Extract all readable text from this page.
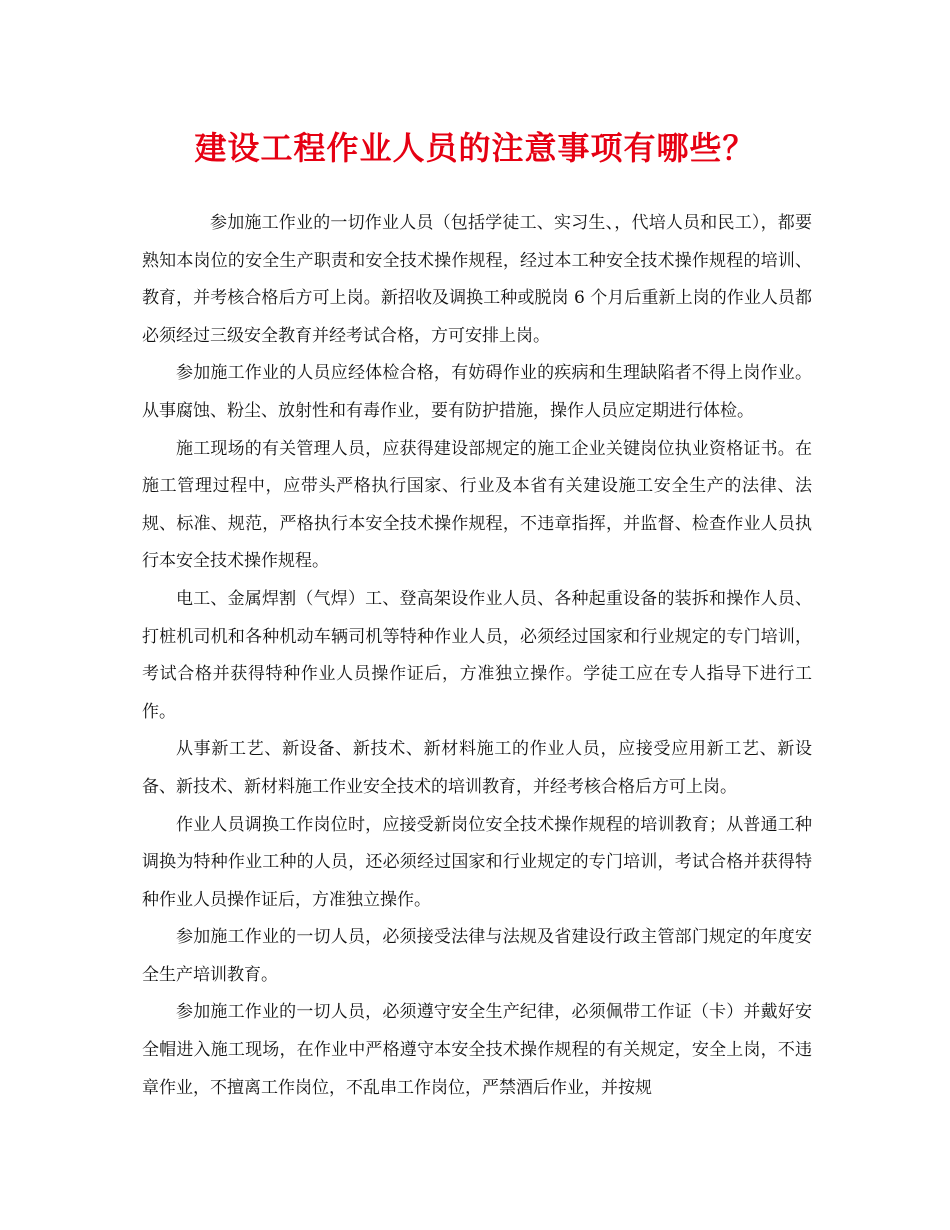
建设工程作业人员的注意事项有哪些？

参加施工作业的一切作业人员（包括学徒工、实习生、，代培人员和民工），都要熟知本岗位的安全生产职责和安全技术操作规程，经过本工种安全技术操作规程的培训、教育，并考核合格后方可上岗。新招收及调换工种或脱岗 6 个月后重新上岗的作业人员都必须经过三级安全教育并经考试合格，方可安排上岗。

参加施工作业的人员应经体检合格，有妨碍作业的疾病和生理缺陷者不得上岗作业。从事腐蚀、粉尘、放射性和有毒作业，要有防护措施，操作人员应定期进行体检。

施工现场的有关管理人员，应获得建设部规定的施工企业关键岗位执业资格证书。在施工管理过程中，应带头严格执行国家、行业及本省有关建设施工安全生产的法律、法规、标准、规范，严格执行本安全技术操作规程，不违章指挥，并监督、检查作业人员执行本安全技术操作规程。

电工、金属焊割（气焊）工、登高架设作业人员、各种起重设备的装拆和操作人员、打桩机司机和各种机动车辆司机等特种作业人员，必须经过国家和行业规定的专门培训，考试合格并获得特种作业人员操作证后，方准独立操作。学徒工应在专人指导下进行工作。

从事新工艺、新设备、新技术、新材料施工的作业人员，应接受应用新工艺、新设备、新技术、新材料施工作业安全技术的培训教育，并经考核合格后方可上岗。

作业人员调换工作岗位时，应接受新岗位安全技术操作规程的培训教育；从普通工种调换为特种作业工种的人员，还必须经过国家和行业规定的专门培训，考试合格并获得特种作业人员操作证后，方准独立操作。

参加施工作业的一切人员，必须接受法律与法规及省建设行政主管部门规定的年度安全生产培训教育。

参加施工作业的一切人员，必须遵守安全生产纪律，必须佩带工作证（卡）并戴好安全帽进入施工现场，在作业中严格遵守本安全技术操作规程的有关规定，安全上岗，不违章作业，不擅离工作岗位，不乱串工作岗位，严禁酒后作业，并按规
